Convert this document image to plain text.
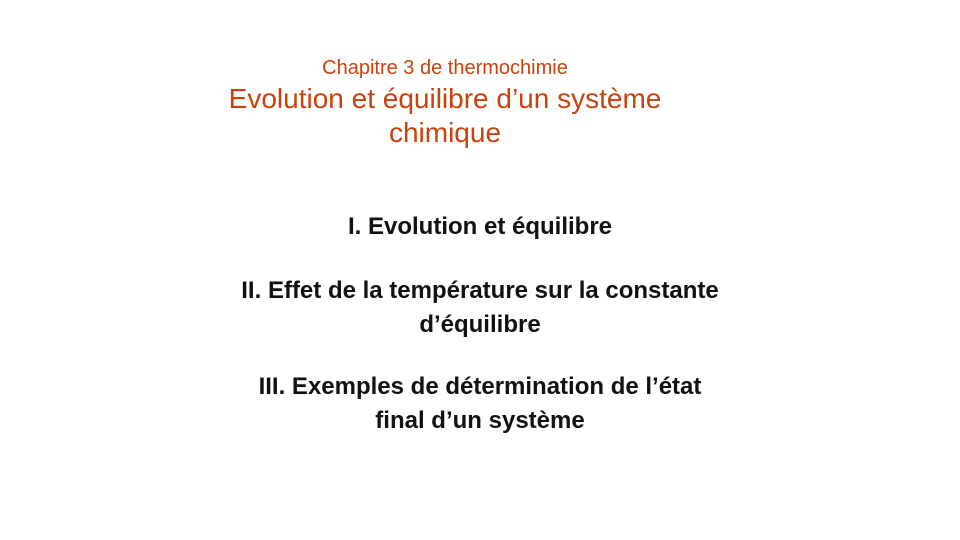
Chapitre 3 de thermochimie

Evolution et équilibre d’un système
chimique
I. Evolution et équilibre
II. Effet de la température sur la constante
d’équilibre
III. Exemples de détermination de l’état
final d’un système
